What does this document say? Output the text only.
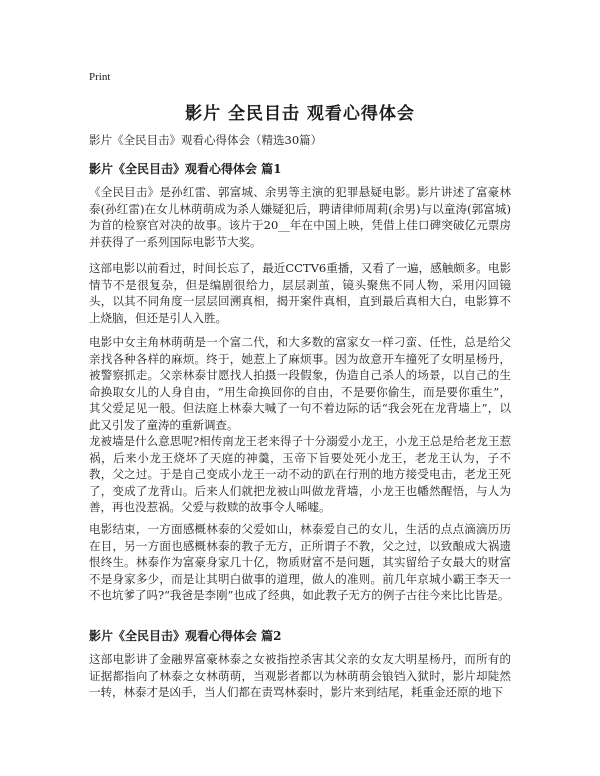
Print
影片 全民目击 观看心得体会
影片《全民目击》观看心得体会（精选30篇）
影片《全民目击》观看心得体会 篇1
《全民目击》是孙红雷、郭富城、余男等主演的犯罪悬疑电影。影片讲述了富豪林泰(孙红雷)在女儿林萌萌成为杀人嫌疑犯后，聘请律师周莉(余男)与以童涛(郭富城)为首的检察官对决的故事。该片于20__年在中国上映，凭借上佳口碑突破亿元票房并获得了一系列国际电影节大奖。
这部电影以前看过，时间长忘了，最近CCTV6重播，又看了一遍，感触颇多。电影情节不是很复杂，但是编剧很给力，层层剥茧，镜头聚焦不同人物，采用闪回镜头，以其不同角度一层层回溯真相，揭开案件真相，直到最后真相大白，电影算不上烧脑，但还是引人入胜。
电影中女主角林萌萌是一个富二代，和大多数的富家女一样刁蛮、任性，总是给父亲找各种各样的麻烦。终于，她惹上了麻烦事。因为故意开车撞死了女明星杨丹，被警察抓走。父亲林泰甘愿找人拍摄一段假象，伪造自己杀人的场景，以自己的生命换取女儿的人身自由，“用生命换回你的自由，不是要你偷生，而是要你重生”，其父爱足见一般。但法庭上林泰大喊了一句不着边际的话“我会死在龙背墙上”，以此又引发了童涛的重新调查。
龙被墙是什么意思呢?相传南龙王老来得子十分溺爱小龙王，小龙王总是给老龙王惹祸，后来小龙王烧坏了天庭的神羹，玉帝下旨要处死小龙王，老龙王认为，子不教，父之过。于是自己变成小龙王一动不动的趴在行刑的地方接受电击，老龙王死了，变成了龙背山。后来人们就把龙被山叫做龙背墙，小龙王也幡然醒悟，与人为善，再也没惹祸。父爱与救赎的故事令人唏嘘。
电影结束，一方面感概林泰的父爱如山，林泰爱自己的女儿，生活的点点滴滴历历在目，另一方面也感概林泰的教子无方，正所谓子不教，父之过，以致酿成大祸遗恨终生。林泰作为富豪身家几十亿，物质财富不是问题，其实留给子女最大的财富不是身家多少，而是让其明白做事的道理，做人的准则。前几年京城小霸王李天一不也坑爹了吗?“我爸是李刚”也成了经典，如此教子无方的例子古往今来比比皆是。
影片《全民目击》观看心得体会 篇2
这部电影讲了金融界富豪林泰之女被指控杀害其父亲的女友大明星杨丹，而所有的证据都指向了林泰之女林萌萌，当观影者都以为林萌萌会锒铛入狱时，影片却陡然一转，林泰才是凶手，当人们都在责骂林泰时，影片来到结尾，耗重金还原的地下
